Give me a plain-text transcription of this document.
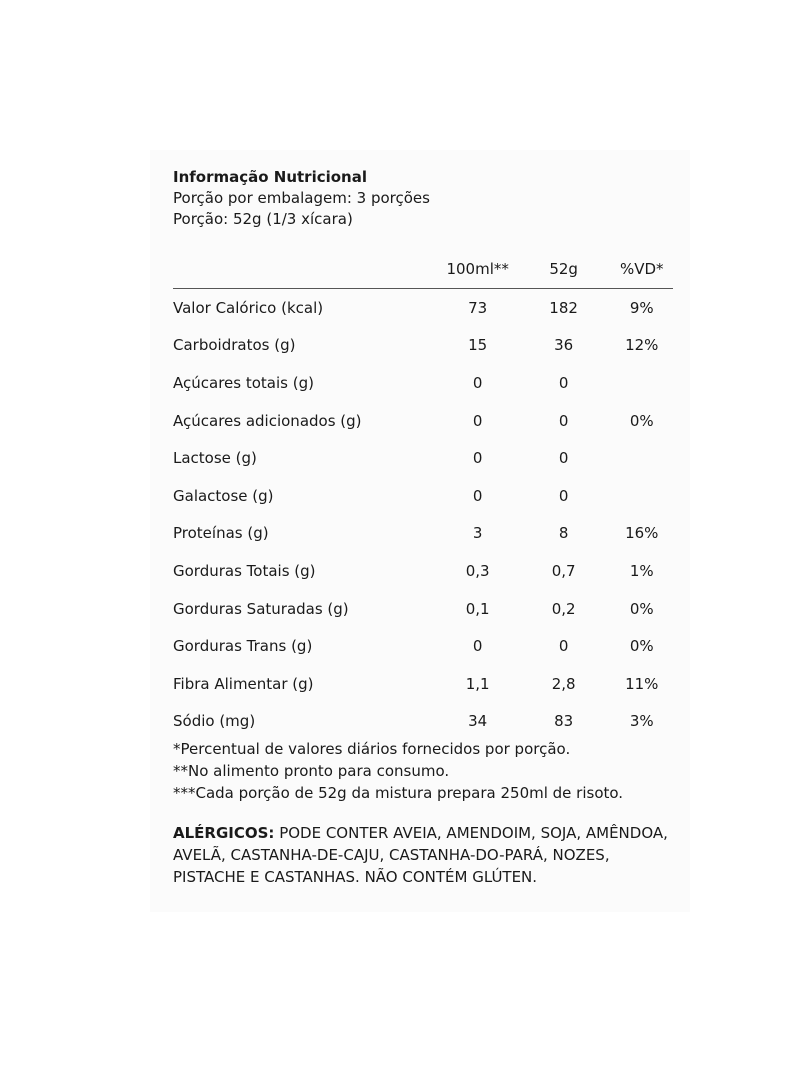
Informação Nutricional

Porção por embalagem: 3 porções

Porção: 52g (1/3 xícara)

	100ml**	52g	%VD*
Valor Calórico (kcal)	73	182	9%
Carboidratos (g)	15	36	12%
Açúcares totais (g)	0	0	
Açúcares adicionados (g)	0	0	0%
Lactose (g)	0	0	
Galactose (g)	0	0	
Proteínas (g)	3	8	16%
Gorduras Totais (g)	0,3	0,7	1%
Gorduras Saturadas (g)	0,1	0,2	0%
Gorduras Trans (g)	0	0	0%
Fibra Alimentar (g)	1,1	2,8	11%
Sódio (mg)	34	83	3%

*Percentual de valores diários fornecidos por porção.

**No alimento pronto para consumo.

***Cada porção de 52g da mistura prepara 250ml de risoto.

ALÉRGICOS: PODE CONTER AVEIA, AMENDOIM, SOJA, AMÊNDOA, AVELÃ, CASTANHA-DE-CAJU, CASTANHA-DO-PARÁ, NOZES, PISTACHE E CASTANHAS. NÃO CONTÉM GLÚTEN.
